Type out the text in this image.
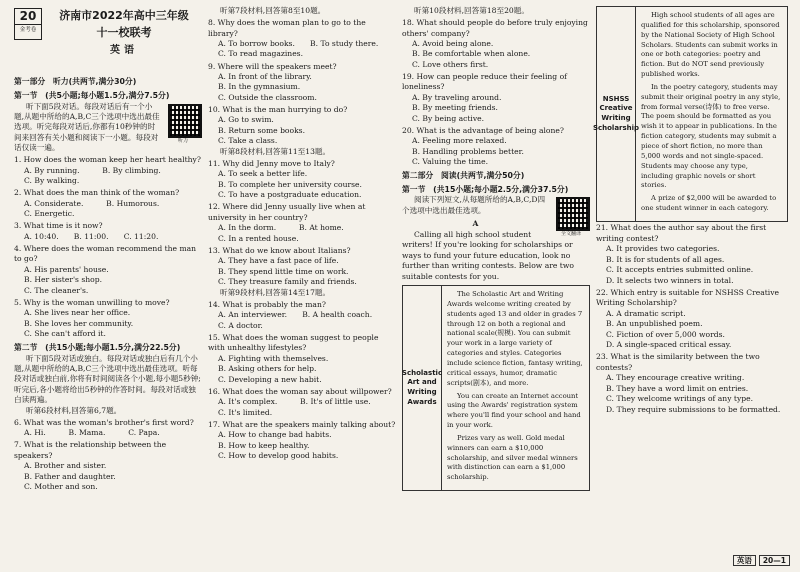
20
金考卷
济南市2022年高中三年级
十一校联考
英语

第一部分　听力(共两节,满分30分)

第一节　(共5小题;每小题1.5分,满分7.5分)

听力

听下面5段对话。每段对话后有一个小题,从题中所给的A,B,C三个选项中选出最佳选项。听完每段对话后,你都有10秒钟的时间来回答有关小题和阅读下一小题。每段对话仅读一遍。

1. How does the woman keep her heart healthy?

A. By running.　　　B. By climbing.

C. By walking.

2. What does the man think of the woman?

A. Considerate.　　　B. Humorous.

C. Energetic.

3. What time is it now?

A. 10:40.　　B. 11:00.　　C. 11:20.

4. Where does the woman recommend the man to go?

A. His parents' house.

B. Her sister's shop.

C. The cleaner's.

5. Why is the woman unwilling to move?

A. She lives near her office.

B. She loves her community.

C. She can't afford it.

第二节　(共15小题;每小题1.5分,满分22.5分)

听下面5段对话或独白。每段对话或独白后有几个小题,从题中所给的A,B,C三个选项中选出最佳选项。听每段对话或独白前,你将有时间阅读各个小题,每小题5秒钟;听完后,各小题将给出5秒钟的作答时间。每段对话或独白读两遍。

听第6段材料,回答第6,7题。

6. What was the woman's brother's first word?

A. Hi.　　　B. Mama.　　　C. Papa.

7. What is the relationship between the speakers?

A. Brother and sister.

B. Father and daughter.

C. Mother and son.

听第7段材料,回答第8至10题。

8. Why does the woman plan to go to the library?

A. To borrow books.　　B. To study there.

C. To read magazines.

9. Where will the speakers meet?

A. In front of the library.

B. In the gymnasium.

C. Outside the classroom.

10. What is the man hurrying to do?

A. Go to swim.

B. Return some books.

C. Take a class.

听第8段材料,回答第11至13题。

11. Why did Jenny move to Italy?

A. To seek a better life.

B. To complete her university course.

C. To have a postgraduate education.

12. Where did Jenny usually live when at university in her country?

A. In the dorm.　　　B. At home.

C. In a rented house.

13. What do we know about Italians?

A. They have a fast pace of life.

B. They spend little time on work.

C. They treasure family and friends.

听第9段材料,回答第14至17题。

14. What is probably the man?

A. An interviewer.　　B. A health coach.

C. A doctor.

15. What does the woman suggest to people with unhealthy lifestyles?

A. Fighting with themselves.

B. Asking others for help.

C. Developing a new habit.

16. What does the woman say about willpower?

A. It's complex.　　　B. It's of little use.

C. It's limited.

17. What are the speakers mainly talking about?

A. How to change bad habits.

B. How to keep healthy.

C. How to develop good habits.

听第10段材料,回答第18至20题。

18. What should people do before truly enjoying others' company?

A. Avoid being alone.

B. Be comfortable when alone.

C. Love others first.

19. How can people reduce their feeling of loneliness?

A. By traveling around.

B. By meeting friends.

C. By being active.

20. What is the advantage of being alone?

A. Feeling more relaxed.

B. Handling problems better.

C. Valuing the time.

第二部分　阅读(共两节,满分50分)

第一节　(共15小题;每小题2.5分,满分37.5分)

全文翻译

阅读下列短文,从每题所给的A,B,C,D四个选项中选出最佳选项。

A

Calling all high school student writers! If you're looking for scholarships or ways to fund your future education, look no further than writing contests. Below are two suitable contests for you.

Scholastic Art and Writing Awards

The Scholastic Art and Writing Awards welcome writing created by students aged 13 and older in grades 7 through 12 on both a regional and national scale(规模). You can submit your work in a large variety of categories and styles. Categories include science fiction, fantasy writing, critical essays, humor, dramatic scripts(剧本), and more.

You can create an Internet account using the Awards' registration system where you'll find your school and hand in your work.

Prizes vary as well. Gold medal winners can earn a $10,000 scholarship, and silver medal winners with distinction can earn a $1,000 scholarship.

NSHSS Creative Writing Scholarship

High school students of all ages are qualified for this scholarship, sponsored by the National Society of High School Scholars. Students can submit works in one or both categories: poetry and fiction. But do NOT send previously published works.

In the poetry category, students may submit their original poetry in any style, from formal verse(诗体) to free verse. The poem should be formatted as you wish it to appear in publications. In the fiction category, students may submit a piece of short fiction, no more than 5,000 words and not single-spaced. Students may choose any type, including graphic novels or short stories.

A prize of $2,000 will be awarded to one student winner in each category.

21. What does the author say about the first writing contest?

A. It provides two categories.

B. It is for students of all ages.

C. It accepts entries submitted online.

D. It selects two winners in total.

22. Which entry is suitable for NSHSS Creative Writing Scholarship?

A. A dramatic script.

B. An unpublished poem.

C. Fiction of over 5,000 words.

D. A single-spaced critical essay.

23. What is the similarity between the two contests?

A. They encourage creative writing.

B. They have a word limit on entries.

C. They welcome writings of any type.

D. They require submissions to be formatted.

英语 20—1
